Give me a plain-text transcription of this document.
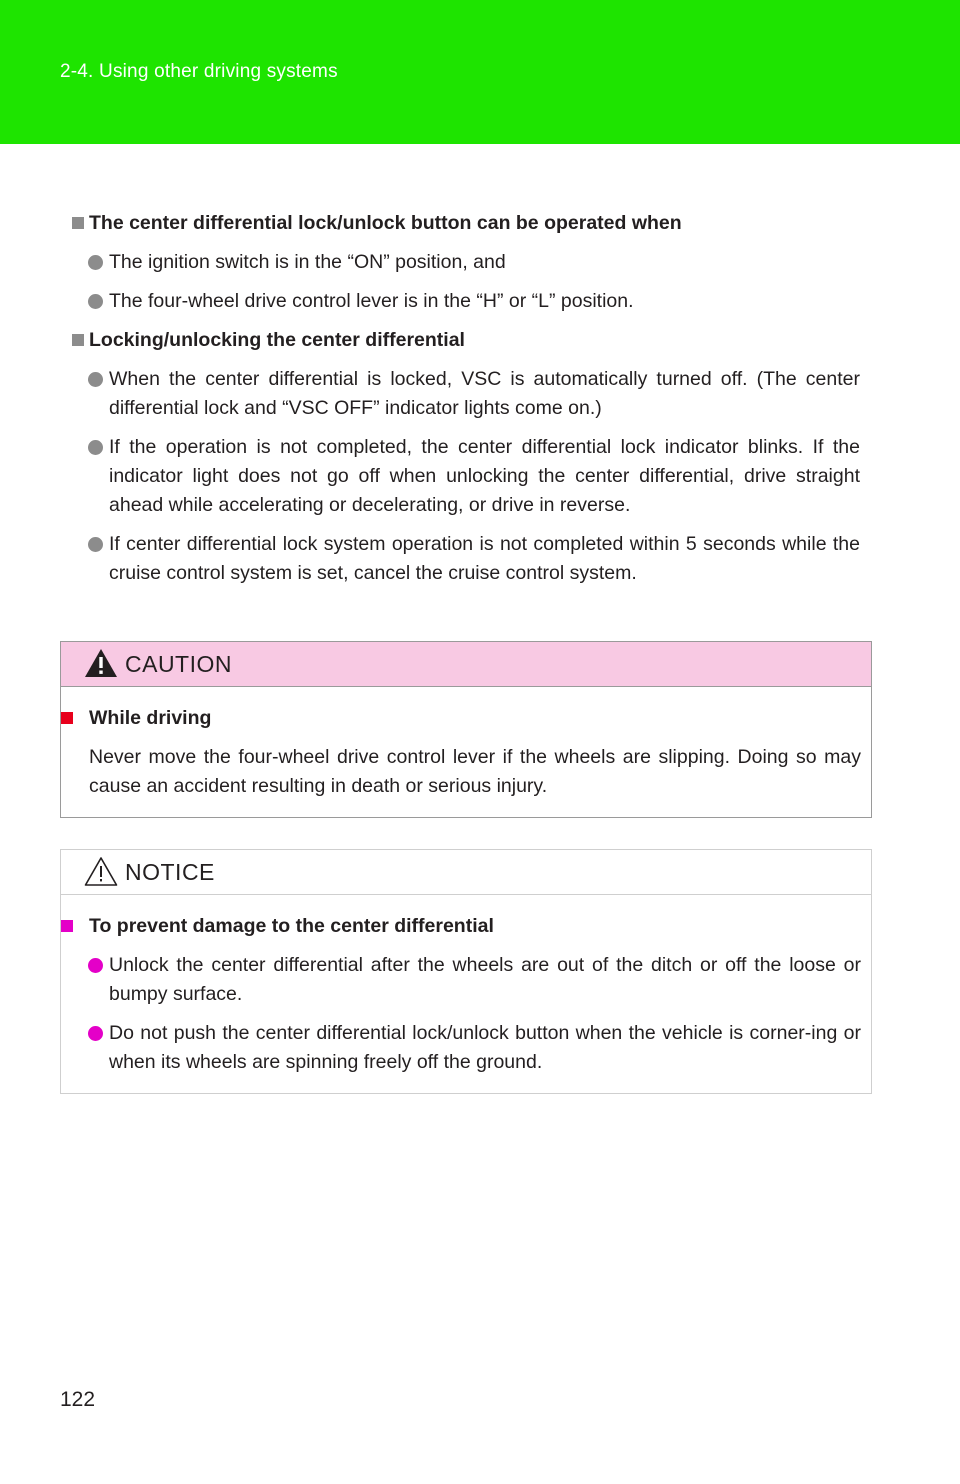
2-4. Using other driving systems
The center differential lock/unlock button can be operated when
The ignition switch is in the “ON” position, and
The four-wheel drive control lever is in the “H” or “L” position.
Locking/unlocking the center differential
When the center differential is locked, VSC is automatically turned off. (The center differential lock and “VSC OFF” indicator lights come on.)
If the operation is not completed, the center differential lock indicator blinks. If the indicator light does not go off when unlocking the center differential, drive straight ahead while accelerating or decelerating, or drive in reverse.
If center differential lock system operation is not completed within 5 seconds while the cruise control system is set, cancel the cruise control system.
CAUTION
While driving
Never move the four-wheel drive control lever if the wheels are slipping. Doing so may cause an accident resulting in death or serious injury.
NOTICE
To prevent damage to the center differential
Unlock the center differential after the wheels are out of the ditch or off the loose or bumpy surface.
Do not push the center differential lock/unlock button when the vehicle is corner-ing or when its wheels are spinning freely off the ground.
122
